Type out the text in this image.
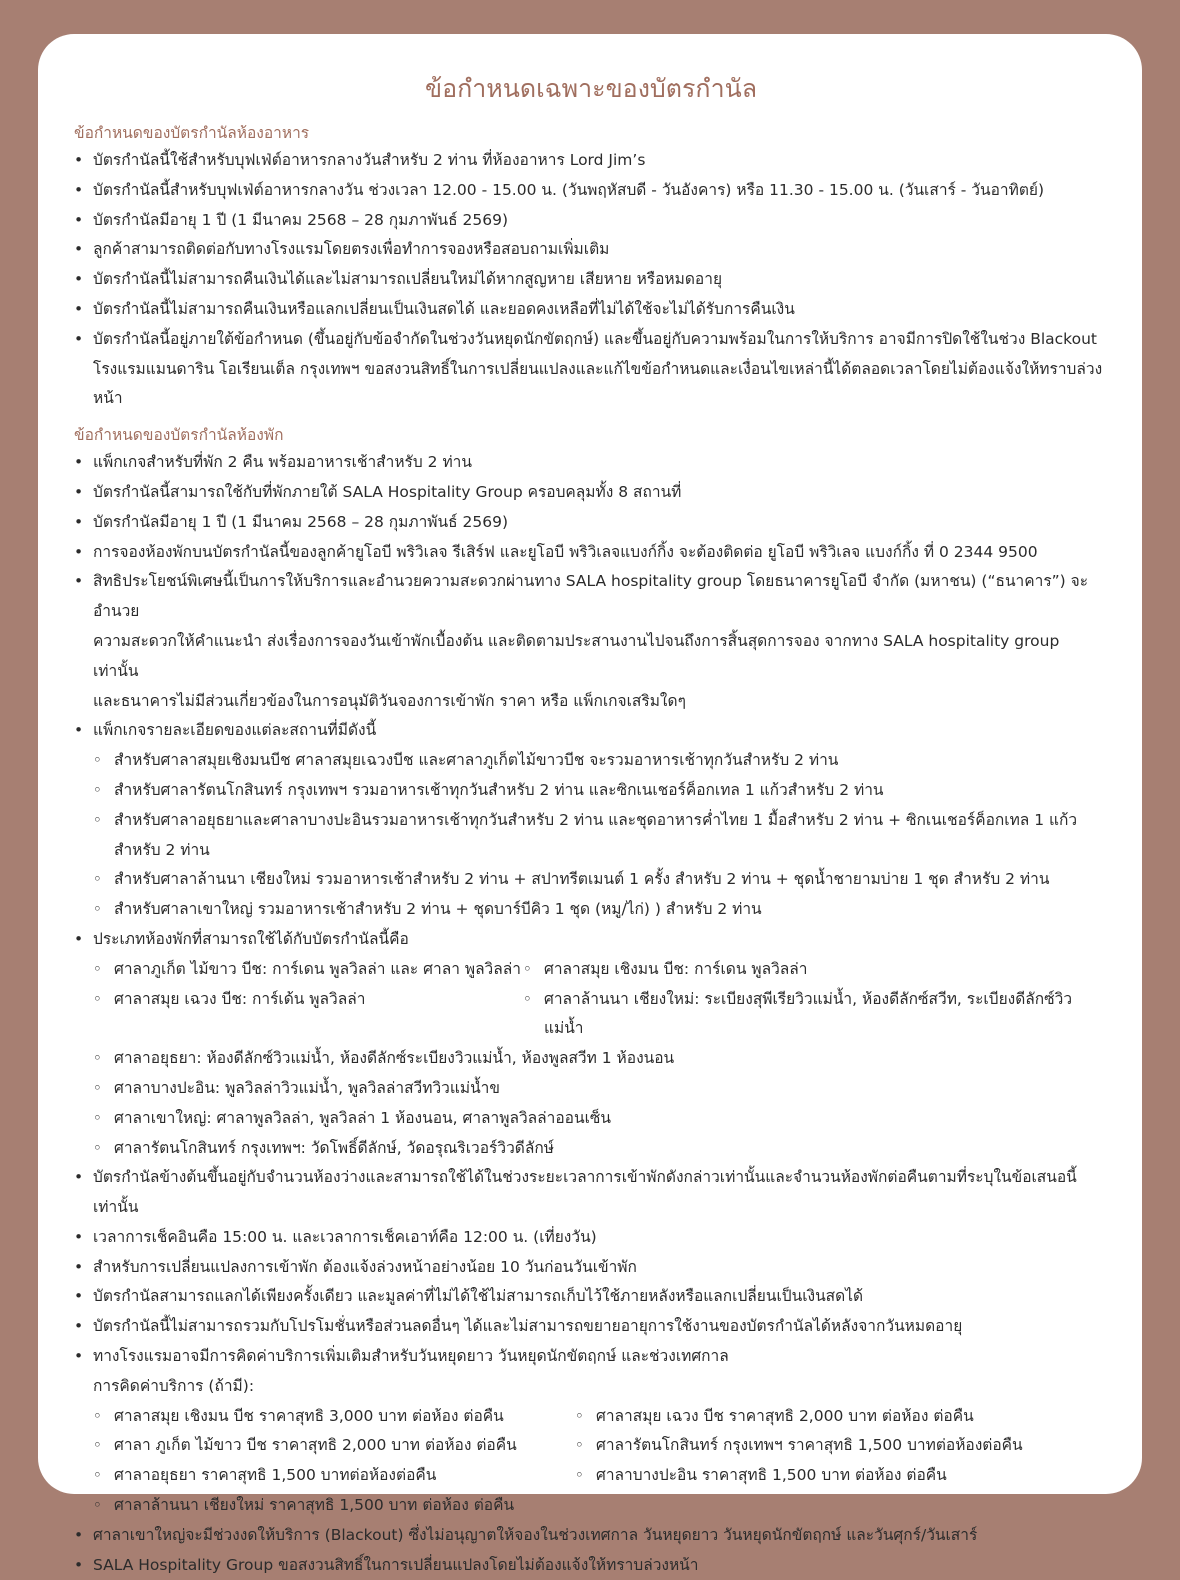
ข้อกำหนดเฉพาะของบัตรกำนัล
ข้อกำหนดของบัตรกำนัลห้องอาหาร
• บัตรกำนัลนี้ใช้สำหรับบุฟเฟ่ต์อาหารกลางวันสำหรับ 2 ท่าน ที่ห้องอาหาร Lord Jim’s
• บัตรกำนัลนี้สำหรับบุฟเฟ่ต์อาหารกลางวัน ช่วงเวลา 12.00 - 15.00 น. (วันพฤหัสบดี - วันอังคาร) หรือ 11.30 - 15.00 น. (วันเสาร์ - วันอาทิตย์)
• บัตรกำนัลมีอายุ 1 ปี (1 มีนาคม 2568 – 28 กุมภาพันธ์ 2569)
• ลูกค้าสามารถติดต่อกับทางโรงแรมโดยตรงเพื่อทำการจองหรือสอบถามเพิ่มเติม
• บัตรกำนัลนี้ไม่สามารถคืนเงินได้และไม่สามารถเปลี่ยนใหม่ได้หากสูญหาย เสียหาย หรือหมดอายุ
• บัตรกำนัลนี้ไม่สามารถคืนเงินหรือแลกเปลี่ยนเป็นเงินสดได้ และยอดคงเหลือที่ไม่ได้ใช้จะไม่ได้รับการคืนเงิน
• บัตรกำนัลนี้อยู่ภายใต้ข้อกำหนด (ขึ้นอยู่กับข้อจำกัดในช่วงวันหยุดนักขัตฤกษ์) และขึ้นอยู่กับความพร้อมในการให้บริการ อาจมีการปิดใช้ในช่วง Blackout
โรงแรมแมนดาริน โอเรียนเต็ล กรุงเทพฯ ขอสงวนสิทธิ์ในการเปลี่ยนแปลงและแก้ไขข้อกำหนดและเงื่อนไขเหล่านี้ได้ตลอดเวลาโดยไม่ต้องแจ้งให้ทราบล่วงหน้า
ข้อกำหนดของบัตรกำนัลห้องพัก
• แพ็กเกจสำหรับที่พัก 2 คืน พร้อมอาหารเช้าสำหรับ 2 ท่าน
• บัตรกำนัลนี้สามารถใช้กับที่พักภายใต้ SALA Hospitality Group ครอบคลุมทั้ง 8 สถานที่
• บัตรกำนัลมีอายุ 1 ปี (1 มีนาคม 2568 – 28 กุมภาพันธ์ 2569)
• การจองห้องพักบนบัตรกำนัลนี้ของลูกค้ายูโอบี พริวิเลจ รีเสิร์ฟ และยูโอบี พริวิเลจแบงก์กิ้ง จะต้องติดต่อ ยูโอบี พริวิเลจ แบงก์กิ้ง ที่ 0 2344 9500
• สิทธิประโยชน์พิเศษนี้เป็นการให้บริการและอำนวยความสะดวกผ่านทาง SALA hospitality group โดยธนาคารยูโอบี จำกัด (มหาชน) (“ธนาคาร”) จะอำนวย
ความสะดวกให้คำแนะนำ ส่งเรื่องการจองวันเข้าพักเบื้องต้น และติดตามประสานงานไปจนถึงการสิ้นสุดการจอง จากทาง SALA hospitality group เท่านั้น
และธนาคารไม่มีส่วนเกี่ยวข้องในการอนุมัติวันจองการเข้าพัก ราคา หรือ แพ็กเกจเสริมใดๆ
• แพ็กเกจรายละเอียดของแต่ละสถานที่มีดังนี้
◦ สำหรับศาลาสมุยเชิงมนบีช ศาลาสมุยเฉวงบีช และศาลาภูเก็ตไม้ขาวบีช จะรวมอาหารเช้าทุกวันสำหรับ 2 ท่าน
◦ สำหรับศาลารัตนโกสินทร์ กรุงเทพฯ รวมอาหารเช้าทุกวันสำหรับ 2 ท่าน และซิกเนเชอร์ค็อกเทล 1 แก้วสำหรับ 2 ท่าน
◦ สำหรับศาลาอยุธยาและศาลาบางปะอินรวมอาหารเช้าทุกวันสำหรับ 2 ท่าน และชุดอาหารค่ำไทย 1 มื้อสำหรับ 2 ท่าน + ซิกเนเชอร์ค็อกเทล 1 แก้ว สำหรับ 2 ท่าน
◦ สำหรับศาลาล้านนา เชียงใหม่ รวมอาหารเช้าสำหรับ 2 ท่าน + สปาทรีตเมนต์ 1 ครั้ง สำหรับ 2 ท่าน + ชุดน้ำชายามบ่าย 1 ชุด สำหรับ 2 ท่าน
◦ สำหรับศาลาเขาใหญ่ รวมอาหารเช้าสำหรับ 2 ท่าน + ชุดบาร์บีคิว 1 ชุด (หมู/ไก่) ) สำหรับ 2 ท่าน
• ประเภทห้องพักที่สามารถใช้ได้กับบัตรกำนัลนี้คือ
◦ ศาลาภูเก็ต ไม้ขาว บีช: การ์เดน พูลวิลล่า และ ศาลา พูลวิลล่า	◦ ศาลาสมุย เชิงมน บีช: การ์เดน พูลวิลล่า
◦ ศาลาสมุย เฉวง บีช: การ์เด้น พูลวิลล่า	◦ ศาลาล้านนา เชียงใหม่: ระเบียงสุพีเรียวิวแม่น้ำ, ห้องดีลักซ์สวีท, ระเบียงดีลักซ์วิวแม่น้ำ
◦ ศาลาอยุธยา: ห้องดีลักซ์วิวแม่น้ำ, ห้องดีลักซ์ระเบียงวิวแม่น้ำ, ห้องพูลสวีท 1 ห้องนอน
◦ ศาลาบางปะอิน: พูลวิลล่าวิวแม่น้ำ, พูลวิลล่าสวีทวิวแม่น้ำข
◦ ศาลาเขาใหญ่: ศาลาพูลวิลล่า, พูลวิลล่า 1 ห้องนอน, ศาลาพูลวิลล่าออนเซ็น
◦ ศาลารัตนโกสินทร์ กรุงเทพฯ: วัดโพธิ์ดีลักษ์, วัดอรุณริเวอร์วิวดีลักษ์
• บัตรกำนัลข้างต้นขึ้นอยู่กับจำนวนห้องว่างและสามารถใช้ได้ในช่วงระยะเวลาการเข้าพักดังกล่าวเท่านั้นและจำนวนห้องพักต่อคืนตามที่ระบุในข้อเสนอนี้
เท่านั้น
• เวลาการเช็คอินคือ 15:00 น. และเวลาการเช็คเอาท์คือ 12:00 น. (เที่ยงวัน)
• สำหรับการเปลี่ยนแปลงการเข้าพัก ต้องแจ้งล่วงหน้าอย่างน้อย 10 วันก่อนวันเข้าพัก
• บัตรกำนัลสามารถแลกได้เพียงครั้งเดียว และมูลค่าที่ไม่ได้ใช้ไม่สามารถเก็บไว้ใช้ภายหลังหรือแลกเปลี่ยนเป็นเงินสดได้
• บัตรกำนัลนี้ไม่สามารถรวมกับโปรโมชั่นหรือส่วนลดอื่นๆ ได้และไม่สามารถขยายอายุการใช้งานของบัตรกำนัลได้หลังจากวันหมดอายุ
• ทางโรงแรมอาจมีการคิดค่าบริการเพิ่มเติมสำหรับวันหยุดยาว วันหยุดนักขัตฤกษ์ และช่วงเทศกาล
การคิดค่าบริการ (ถ้ามี):
◦ ศาลาสมุย เชิงมน บีช ราคาสุทธิ 3,000 บาท ต่อห้อง ต่อคืน	◦ ศาลาสมุย เฉวง บีช ราคาสุทธิ 2,000 บาท ต่อห้อง ต่อคืน
◦ ศาลา ภูเก็ต ไม้ขาว บีช ราคาสุทธิ 2,000 บาท ต่อห้อง ต่อคืน	◦ ศาลารัตนโกสินทร์ กรุงเทพฯ ราคาสุทธิ 1,500 บาทต่อห้องต่อคืน
◦ ศาลาอยุธยา ราคาสุทธิ 1,500 บาทต่อห้องต่อคืน	◦ ศาลาบางปะอิน ราคาสุทธิ 1,500 บาท ต่อห้อง ต่อคืน
◦ ศาลาล้านนา เชียงใหม่ ราคาสุทธิ 1,500 บาท ต่อห้อง ต่อคืน
• ศาลาเขาใหญ่จะมีช่วงงดให้บริการ (Blackout) ซึ่งไม่อนุญาตให้จองในช่วงเทศกาล วันหยุดยาว วันหยุดนักขัตฤกษ์ และวันศุกร์/วันเสาร์
• SALA Hospitality Group ขอสงวนสิทธิ์ในการเปลี่ยนแปลงโดยไม่ต้องแจ้งให้ทราบล่วงหน้า
